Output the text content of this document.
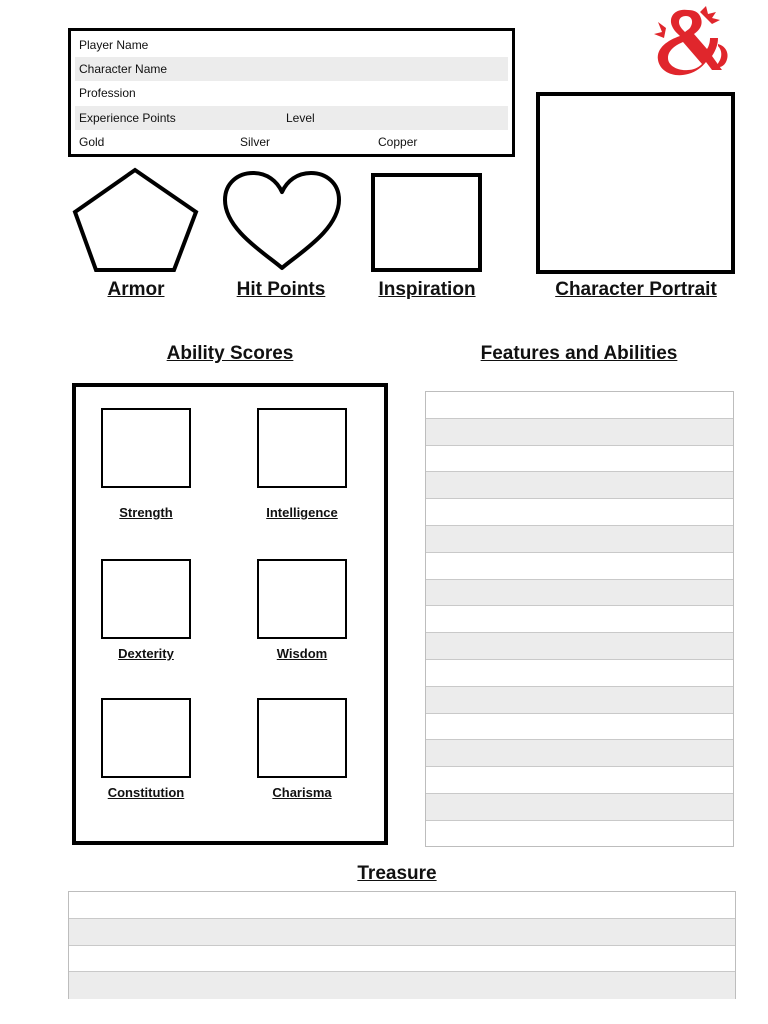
Player Name
Character Name
Profession
Experience Points	Level
Gold	Silver	Copper
Armor	Hit Points	Inspiration	Character Portrait
Ability Scores	Features and Abilities
Strength	Intelligence
Dexterity	Wisdom
Constitution	Charisma
Treasure
